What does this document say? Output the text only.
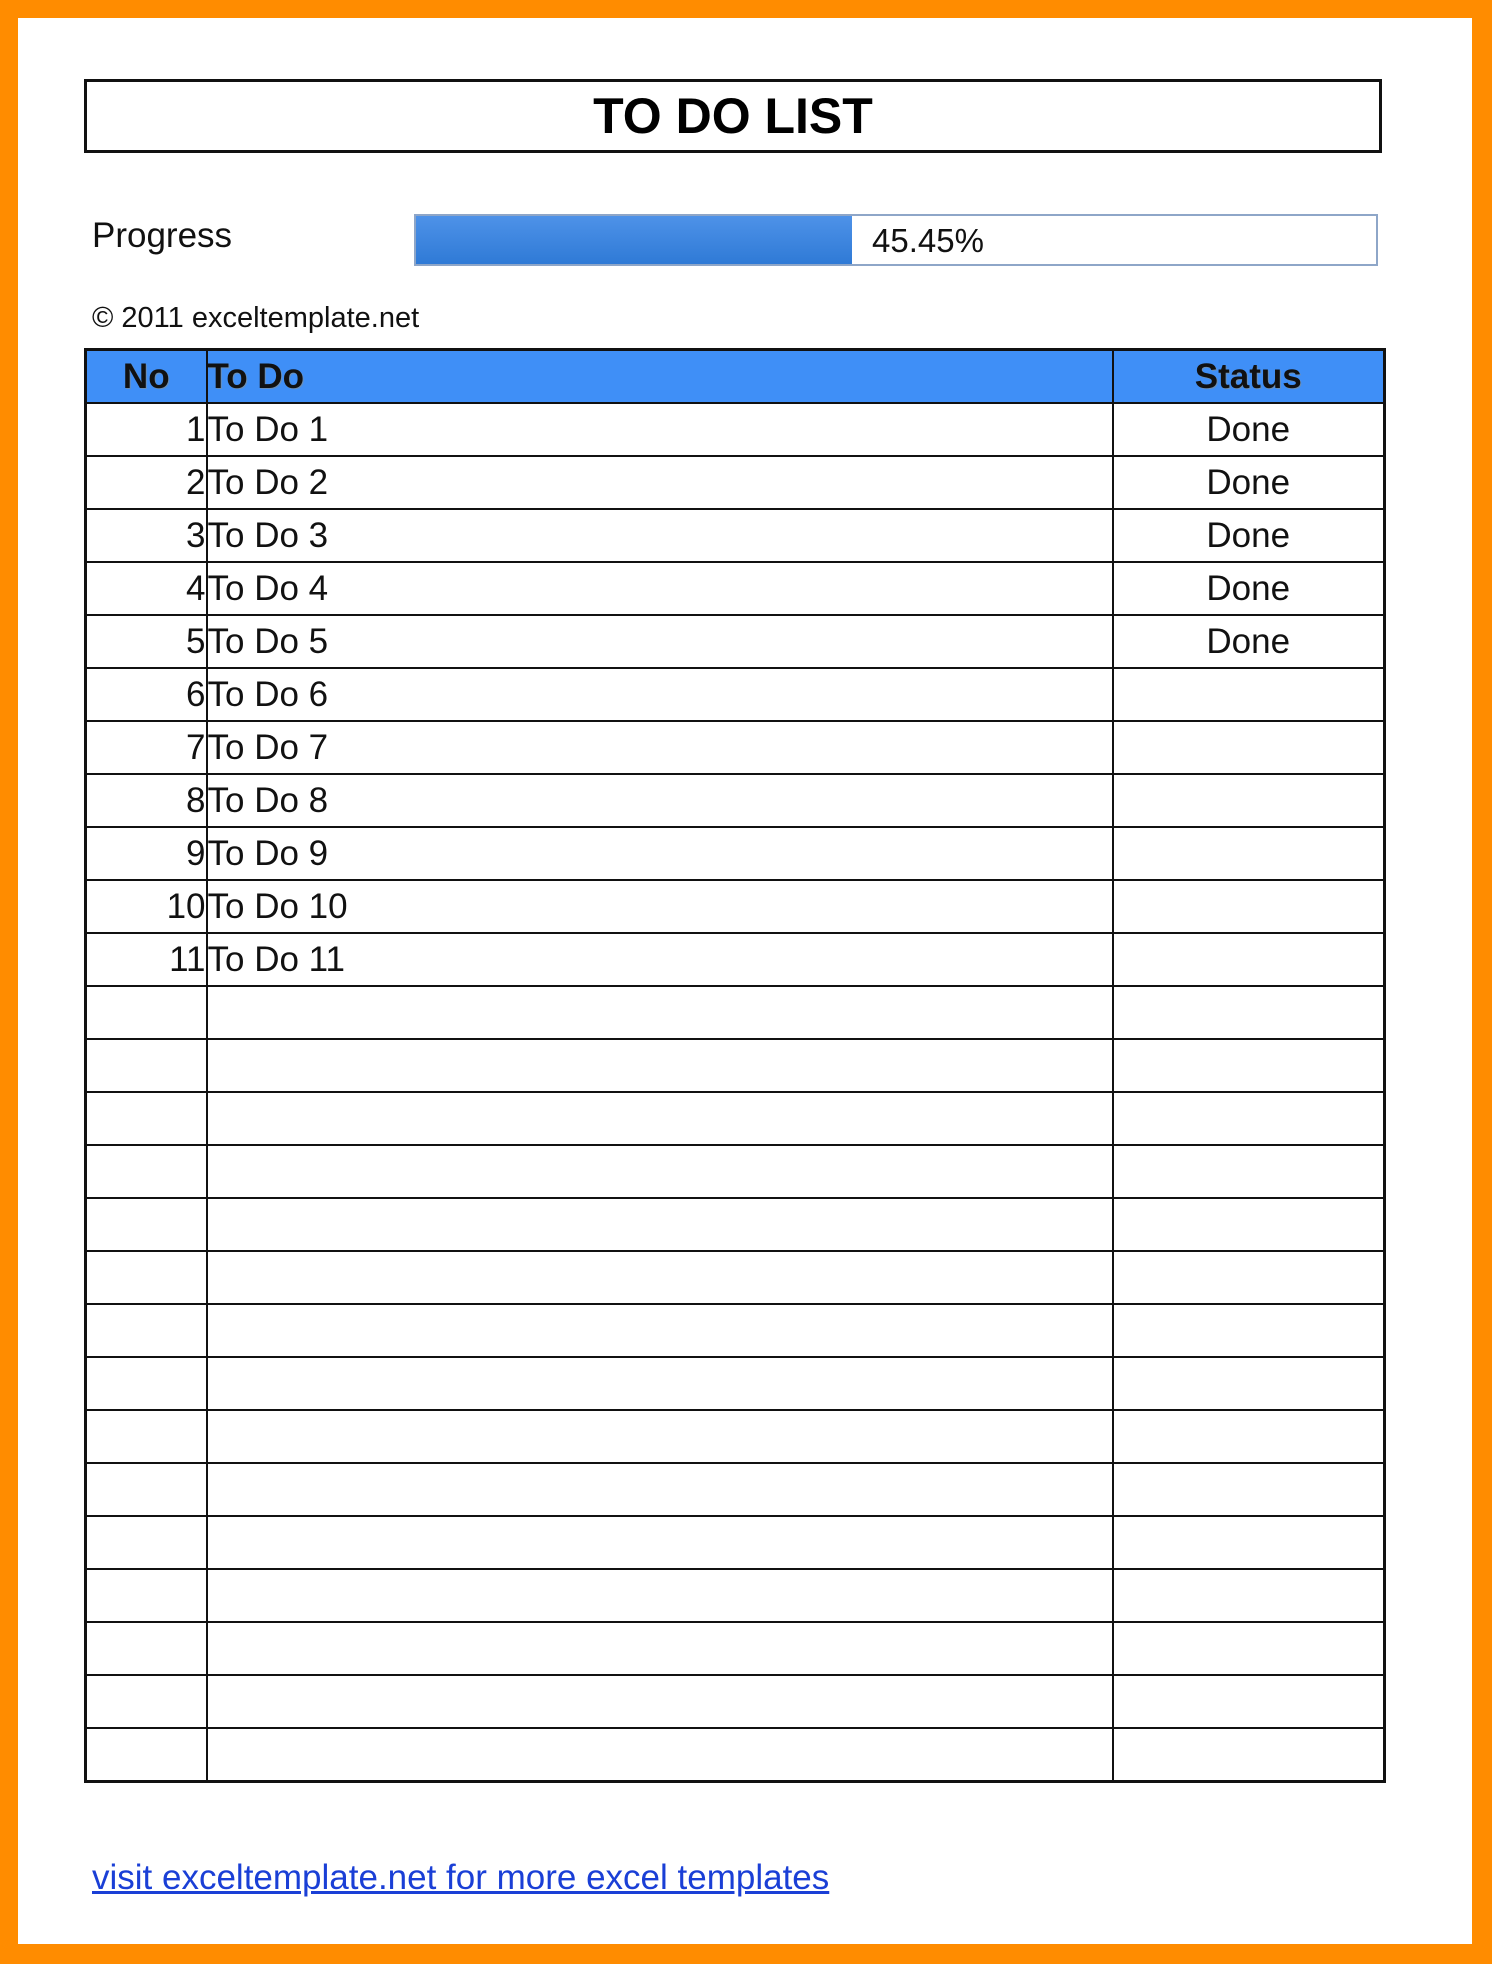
TO DO LIST
Progress	45.45%
© 2011 exceltemplate.net
No	To Do	Status
1	To Do 1	Done
2	To Do 2	Done
3	To Do 3	Done
4	To Do 4	Done
5	To Do 5	Done
6	To Do 6	
7	To Do 7	
8	To Do 8	
9	To Do 9	
10	To Do 10	
11	To Do 11	

visit exceltemplate.net for more excel templates
